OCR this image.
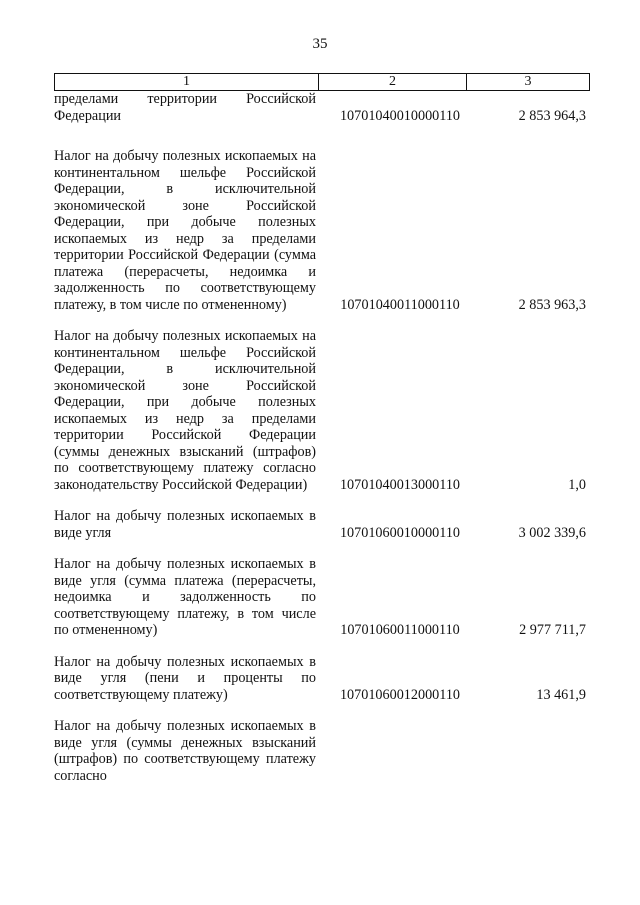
35
1	2	3
пределами территории Российской Федерации	10701040010000110	2 853 964,3
Налог на добычу полезных ископаемых на континентальном шельфе Российской Федерации, в исключительной экономической зоне Российской Федерации, при добыче полезных ископаемых из недр за пределами территории Российской Федерации (сумма платежа (перерасчеты, недоимка и задолженность по соответствующему платежу, в том числе по отмененному)	10701040011000110	2 853 963,3
Налог на добычу полезных ископаемых на континентальном шельфе Российской Федерации, в исключительной экономической зоне Российской Федерации, при добыче полезных ископаемых из недр за пределами территории Российской Федерации (суммы денежных взысканий (штрафов) по соответствующему платежу согласно законодательству Российской Федерации)	10701040013000110	1,0
Налог на добычу полезных ископаемых в виде угля	10701060010000110	3 002 339,6
Налог на добычу полезных ископаемых в виде угля (сумма платежа (перерасчеты, недоимка и задолженность по соответствующему платежу, в том числе по отмененному)	10701060011000110	2 977 711,7
Налог на добычу полезных ископаемых в виде угля (пени и проценты по соответствующему платежу)	10701060012000110	13 461,9
Налог на добычу полезных ископаемых в виде угля (суммы денежных взысканий (штрафов) по соответствующему платежу согласно
